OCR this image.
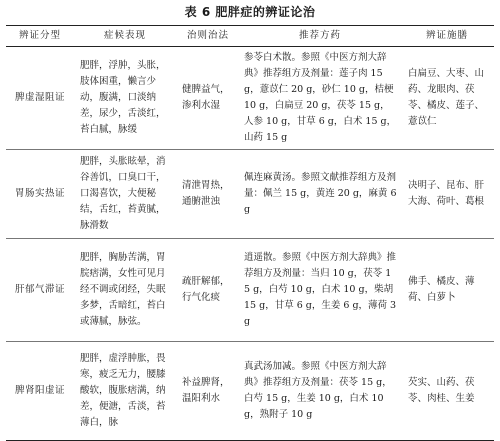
表 6 肥胖症的辨证论治
辨证分型	症候表现	治则治法	推荐方药	辨证施膳
脾虚湿阻证	肥胖，浮肿，头胀，肢体困重，懒言少动，腹满，口淡纳差，尿少，舌淡红，苔白腻，脉缓	健脾益气，渗利水湿	参苓白术散。参照《中医方剂大辞典》推荐组方及剂量：莲子肉 15 g，薏苡仁 20 g，砂仁 10 g，桔梗 10 g，白扁豆 20 g，茯苓 15 g，人参 10 g，甘草 6 g，白术 15 g，山药 15 g	白扁豆、大枣、山药、龙眼肉、茯苓、橘皮、莲子、薏苡仁
胃肠实热证	肥胖，头胀眩晕，消谷善饥，口臭口干，口渴喜饮，大便秘结，舌红，苔黄腻，脉滑数	清泄胃热，通腑泄浊	佩连麻黄汤。参照文献推荐组方及剂量：佩兰 15 g，黄连 20 g，麻黄 6 g	决明子、昆布、肝大海、荷叶、葛根
肝郁气滞证	肥胖，胸胁苦满，胃脘痞满，女性可见月经不调或闭经，失眠多梦，舌暗红，苔白或薄腻，脉弦。	疏肝解郁，行气化痰	逍遥散。参照《中医方剂大辞典》推荐组方及剂量：当归 10 g，茯苓 15 g，白芍 10 g，白术 10 g，柴胡 15 g，甘草 6 g，生姜 6 g，薄荷 3 g	佛手、橘皮、薄荷、白萝卜
脾肾阳虚证	肥胖，虚浮肿胀，畏寒，疲乏无力，腰膝酸软，腹胀痞满，纳差，便溏，舌淡，苔薄白，脉	补益脾肾，温阳利水	真武汤加减。参照《中医方剂大辞典》推荐组方及剂量：茯苓 15 g，白芍 15 g，生姜 10 g，白术 10 g，熟附子 10 g	芡实、山药、茯苓、肉桂、生姜
